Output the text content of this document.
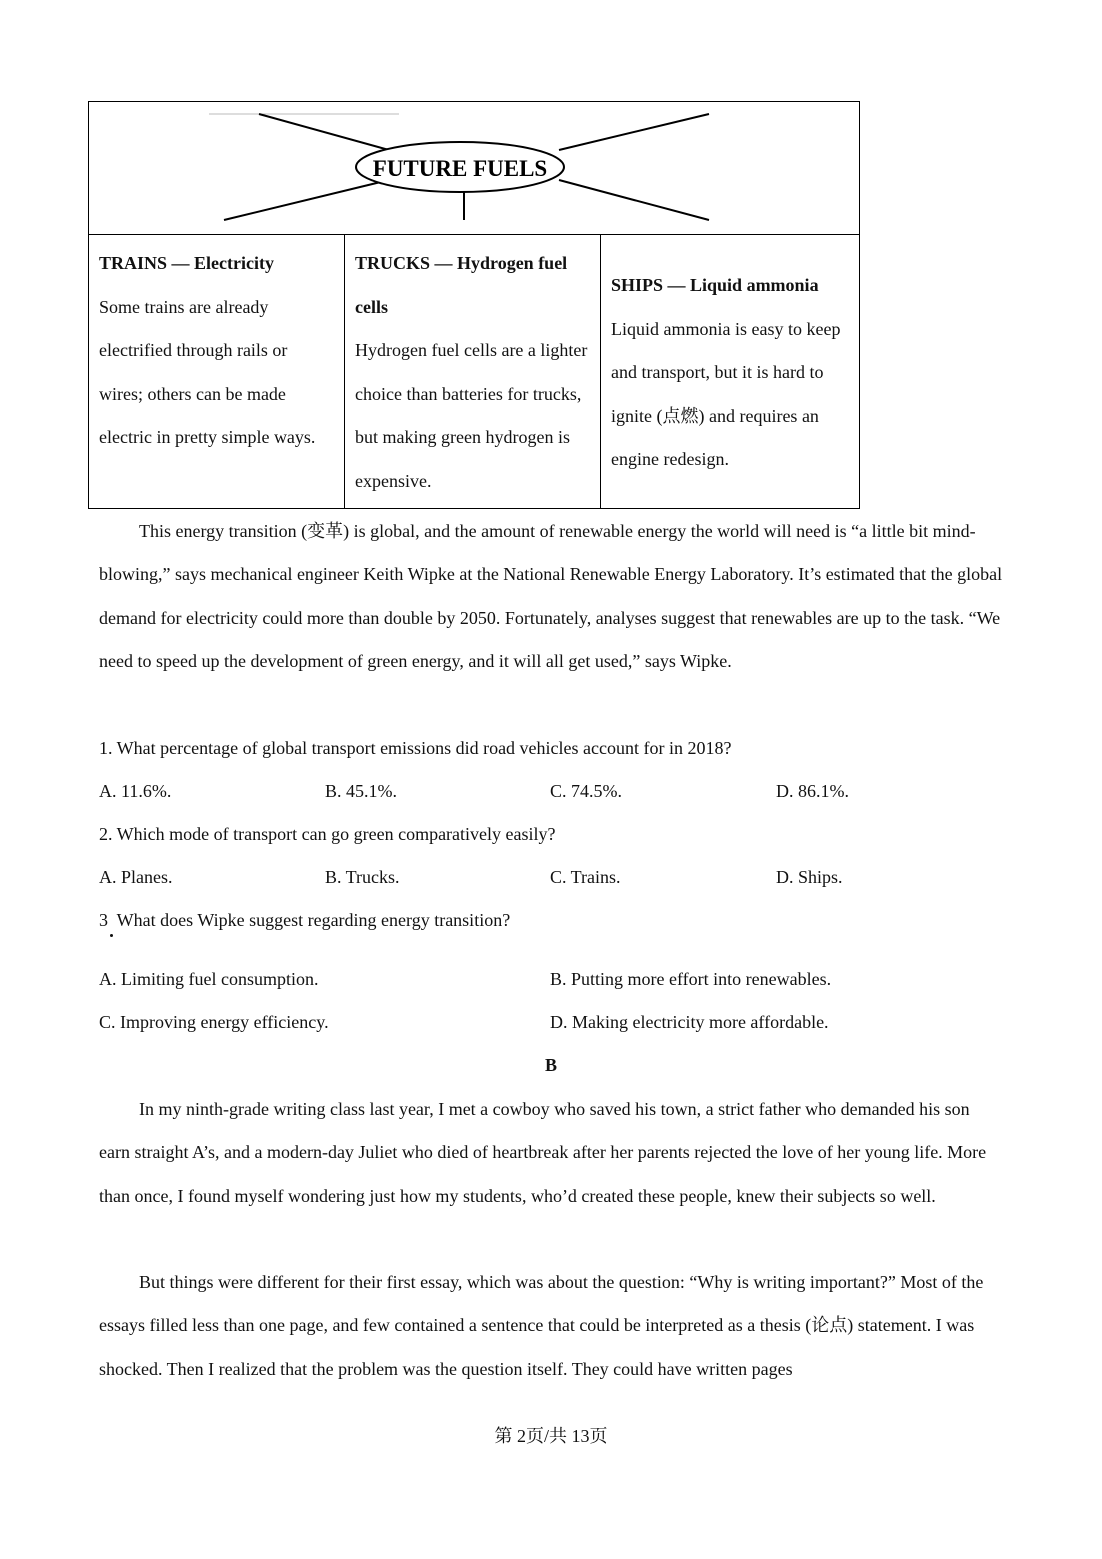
FUTURE FUELS
TRAINS — Electricity
Some trains are already electrified through rails or wires; others can be made electric in pretty simple ways.
TRUCKS — Hydrogen fuel cells
Hydrogen fuel cells are a lighter choice than batteries for trucks, but making green hydrogen is expensive.
SHIPS — Liquid ammonia
Liquid ammonia is easy to keep and transport, but it is hard to ignite (点燃) and requires an engine redesign.
This energy transition (变革) is global, and the amount of renewable energy the world will need is “a little bit mind-blowing,” says mechanical engineer Keith Wipke at the National Renewable Energy Laboratory. It’s estimated that the global demand for electricity could more than double by 2050. Fortunately, analyses suggest that renewables are up to the task. “We need to speed up the development of green energy, and it will all get used,” says Wipke.
1. What percentage of global transport emissions did road vehicles account for in 2018?
A. 11.6%.	B. 45.1%.	C. 74.5%.	D. 86.1%.
2. Which mode of transport can go green comparatively easily?
A. Planes.	B. Trucks.	C. Trains.	D. Ships.
3  What does Wipke suggest regarding energy transition?
A. Limiting fuel consumption.	B. Putting more effort into renewables.
C. Improving energy efficiency.	D. Making electricity more affordable.
B
In my ninth-grade writing class last year, I met a cowboy who saved his town, a strict father who demanded his son earn straight A’s, and a modern-day Juliet who died of heartbreak after her parents rejected the love of her young life. More than once, I found myself wondering just how my students, who’d created these people, knew their subjects so well.
But things were different for their first essay, which was about the question: “Why is writing important?” Most of the essays filled less than one page, and few contained a sentence that could be interpreted as a thesis (论点) statement. I was shocked. Then I realized that the problem was the question itself. They could have written pages
第 2页/共 13页
